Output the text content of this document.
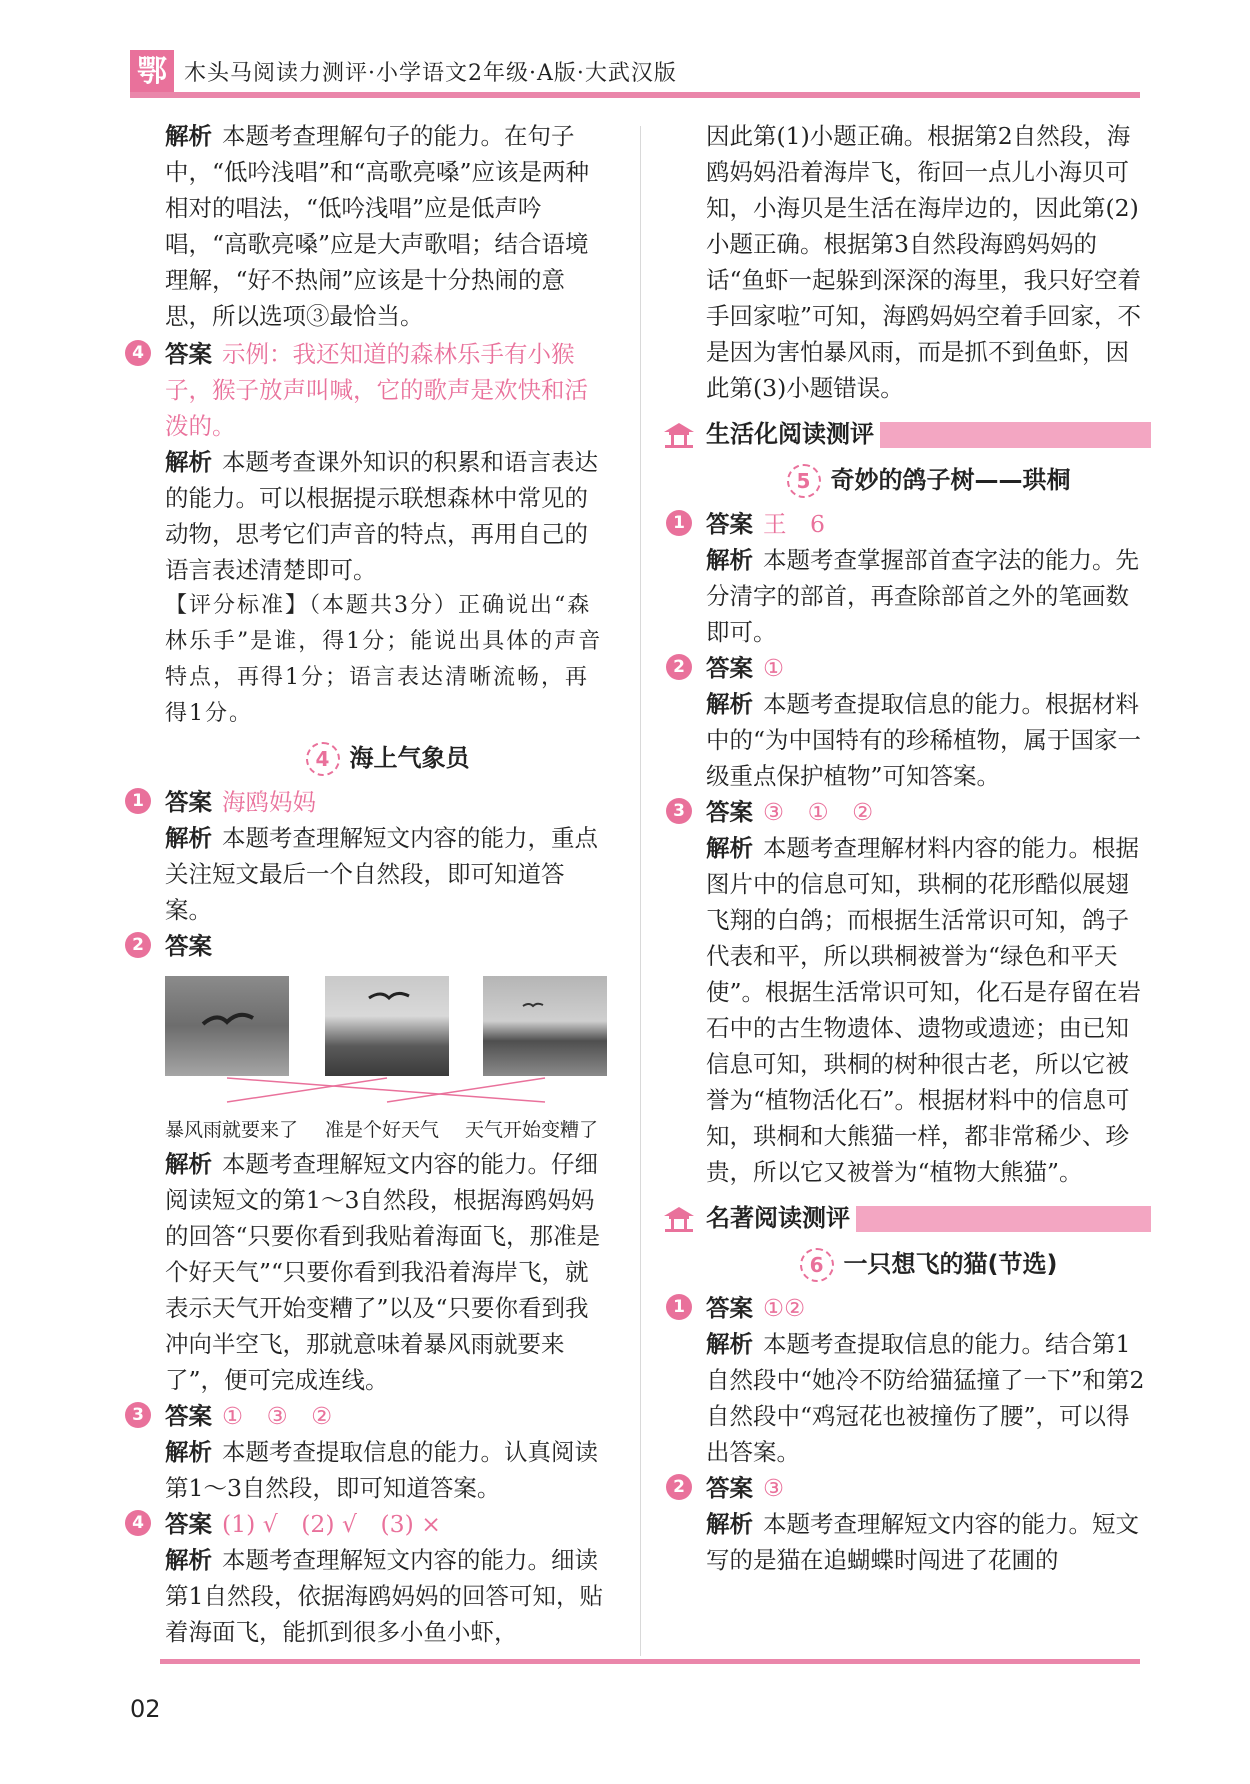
鄂 木头马阅读力测评·小学语文2年级·A版·大武汉版

解析 本题考查理解句子的能力。在句子中，“低吟浅唱”和“高歌亮嗓”应该是两种相对的唱法，“低吟浅唱”应是低声吟唱，“高歌亮嗓”应是大声歌唱；结合语境理解，“好不热闹”应该是十分热闹的意思，所以选项③最恰当。

4 答案 示例：我还知道的森林乐手有小猴子，猴子放声叫喊，它的歌声是欢快和活泼的。

解析 本题考查课外知识的积累和语言表达的能力。可以根据提示联想森林中常见的动物，思考它们声音的特点，再用自己的语言表述清楚即可。

【评分标准】（本题共3分）正确说出“森林乐手”是谁，得1分；能说出具体的声音特点，再得1分；语言表达清晰流畅，再得1分。

4 海上气象员
1 答案 海鸥妈妈

解析 本题考查理解短文内容的能力，重点关注短文最后一个自然段，即可知道答案。

2 答案

暴风雨就要来了 准是个好天气 天气开始变糟了

解析 本题考查理解短文内容的能力。仔细阅读短文的第1～3自然段，根据海鸥妈妈的回答“只要你看到我贴着海面飞，那准是个好天气”“只要你看到我沿着海岸飞，就表示天气开始变糟了”以及“只要你看到我冲向半空飞，那就意味着暴风雨就要来了”，便可完成连线。

3 答案 ①　③　②

解析 本题考查提取信息的能力。认真阅读第1～3自然段，即可知道答案。

4 答案 (1) √　(2) √　(3) ×

解析 本题考查理解短文内容的能力。细读第1自然段，依据海鸥妈妈的回答可知，贴着海面飞，能抓到很多小鱼小虾，

因此第(1)小题正确。根据第2自然段，海鸥妈妈沿着海岸飞，衔回一点儿小海贝可知，小海贝是生活在海岸边的，因此第(2)小题正确。根据第3自然段海鸥妈妈的话“鱼虾一起躲到深深的海里，我只好空着手回家啦”可知，海鸥妈妈空着手回家，不是因为害怕暴风雨，而是抓不到鱼虾，因此第(3)小题错误。

生活化阅读测评
5 奇妙的鸽子树——珙桐
1 答案 王　6

解析 本题考查掌握部首查字法的能力。先分清字的部首，再查除部首之外的笔画数即可。

2 答案 ①

解析 本题考查提取信息的能力。根据材料中的“为中国特有的珍稀植物，属于国家一级重点保护植物”可知答案。

3 答案 ③　①　②

解析 本题考查理解材料内容的能力。根据图片中的信息可知，珙桐的花形酷似展翅飞翔的白鸽；而根据生活常识可知，鸽子代表和平，所以珙桐被誉为“绿色和平天使”。根据生活常识可知，化石是存留在岩石中的古生物遗体、遗物或遗迹；由已知信息可知，珙桐的树种很古老，所以它被誉为“植物活化石”。根据材料中的信息可知，珙桐和大熊猫一样，都非常稀少、珍贵，所以它又被誉为“植物大熊猫”。

名著阅读测评
6 一只想飞的猫(节选)
1 答案 ①②

解析 本题考查提取信息的能力。结合第1自然段中“她冷不防给猫猛撞了一下”和第2自然段中“鸡冠花也被撞伤了腰”，可以得出答案。

2 答案 ③

解析 本题考查理解短文内容的能力。短文写的是猫在追蝴蝶时闯进了花圃的

02
